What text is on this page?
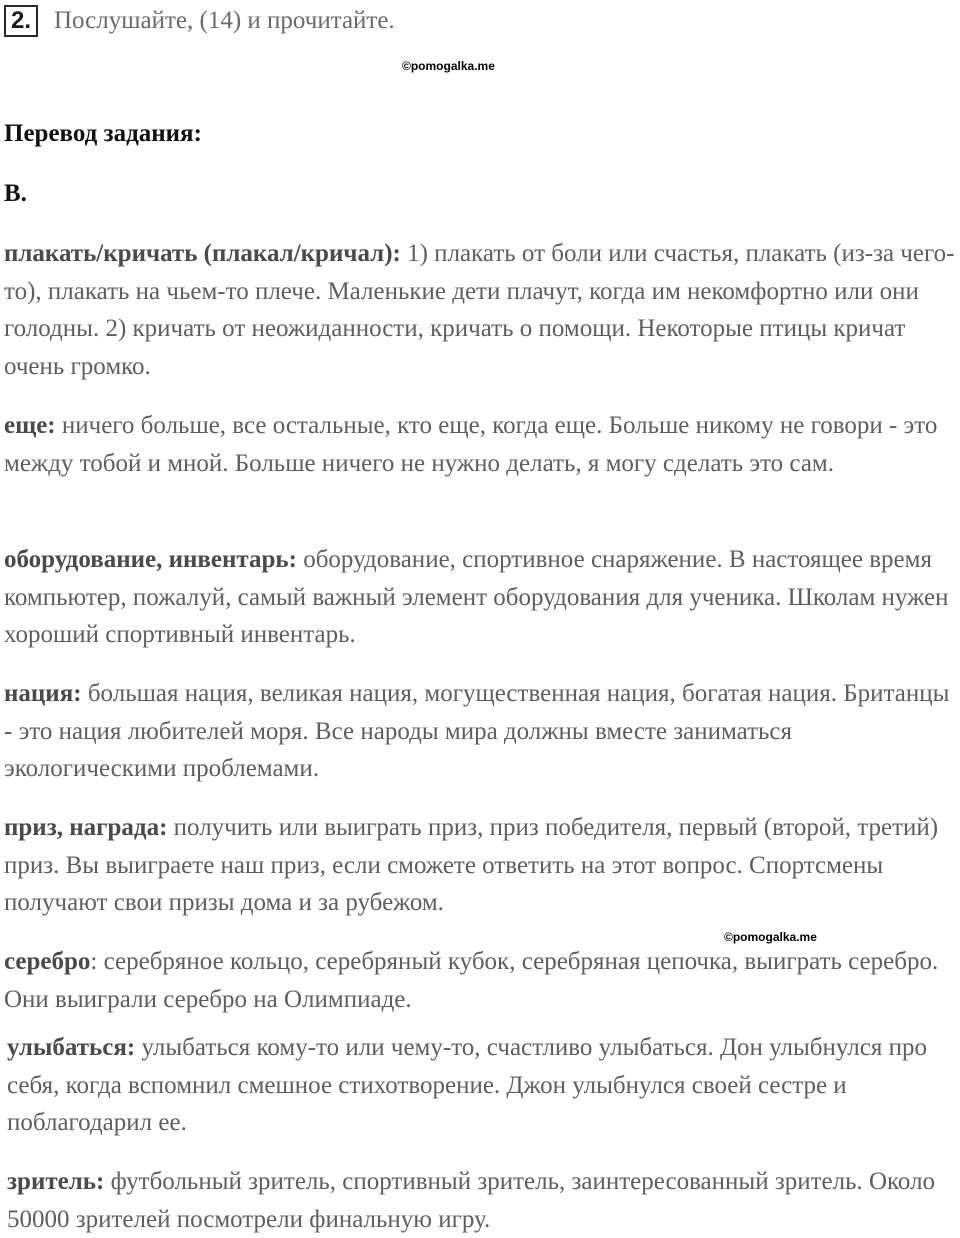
2. Послушайте, (14) и прочитайте.
©pomogalka.me
Перевод задания:
B.

плакать/кричать (плакал/кричал): 1) плакать от боли или счастья, плакать (из-за чего-то), плакать на чьем-то плече. Маленькие дети плачут, когда им некомфортно или они голодны. 2) кричать от неожиданности, кричать о помощи. Некоторые птицы кричат очень громко.

еще: ничего больше, все остальные, кто еще, когда еще. Больше никому не говори - это между тобой и мной. Больше ничего не нужно делать, я могу сделать это сам.

оборудование, инвентарь: оборудование, спортивное снаряжение. В настоящее время компьютер, пожалуй, самый важный элемент оборудования для ученика. Школам нужен хороший спортивный инвентарь.

нация: большая нация, великая нация, могущественная нация, богатая нация. Британцы - это нация любителей моря. Все народы мира должны вместе заниматься экологическими проблемами.

приз, награда: получить или выиграть приз, приз победителя, первый (второй, третий) приз. Вы выиграете наш приз, если сможете ответить на этот вопрос. Спортсмены получают свои призы дома и за рубежом.

©pomogalka.me

серебро: серебряное кольцо, серебряный кубок, серебряная цепочка, выиграть серебро. Они выиграли серебро на Олимпиаде.

улыбаться: улыбаться кому-то или чему-то, счастливо улыбаться. Дон улыбнулся про себя, когда вспомнил смешное стихотворение. Джон улыбнулся своей сестре и поблагодарил ее.

зритель: футбольный зритель, спортивный зритель, заинтересованный зритель. Около 50000 зрителей посмотрели финальную игру.
